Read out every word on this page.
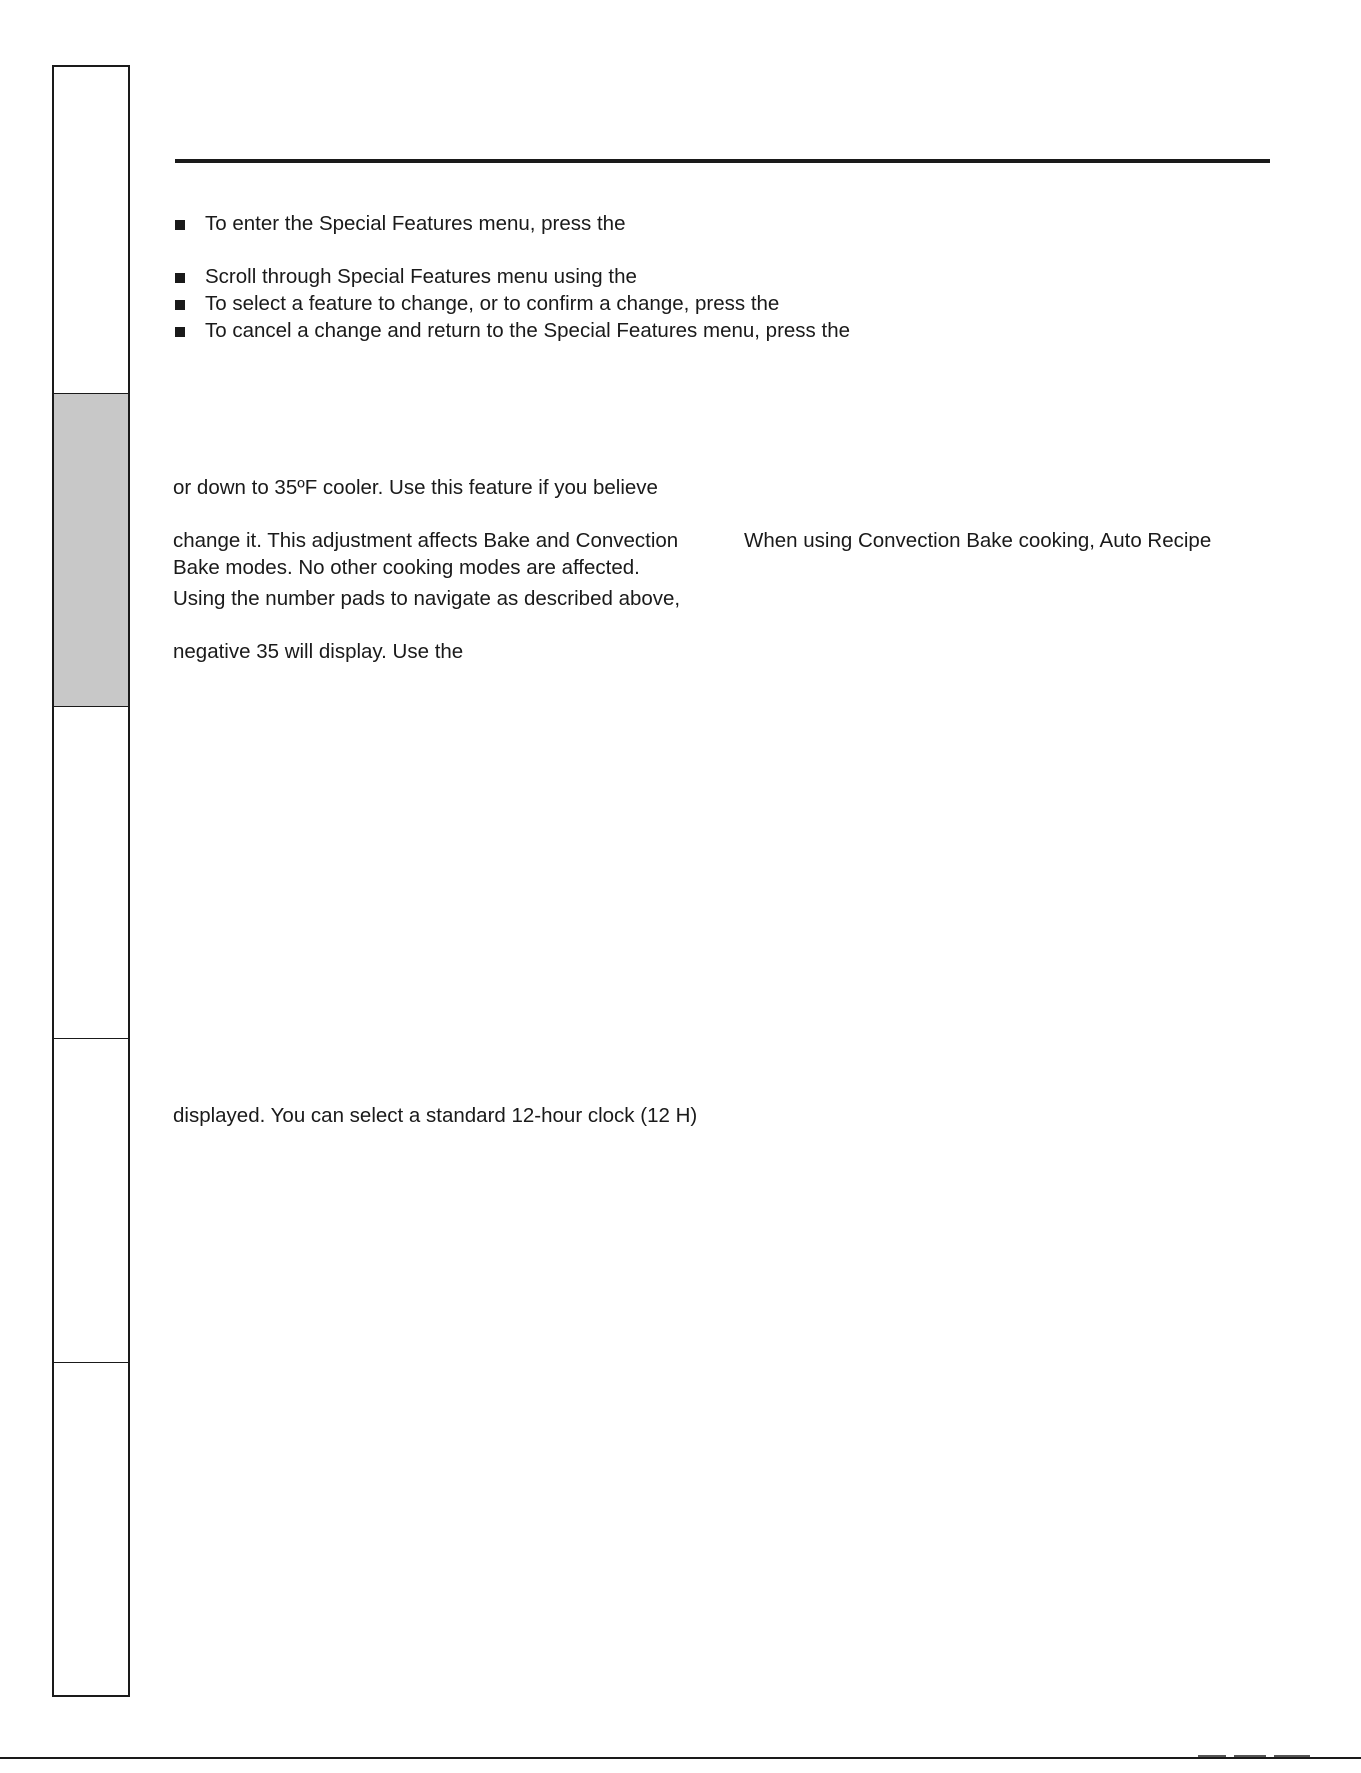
To enter the Special Features menu, press the

Scroll through Special Features menu using the

To select a feature to change, or to confirm a change, press the

To cancel a change and return to the Special Features menu, press the

or down to 35ºF cooler. Use this feature if you believe

change it. This adjustment affects Bake and Convection

Bake modes. No other cooking modes are affected.

Using the number pads to navigate as described above,

negative 35 will display. Use the

displayed. You can select a standard 12-hour clock (12 H)

When using Convection Bake cooking, Auto Recipe
